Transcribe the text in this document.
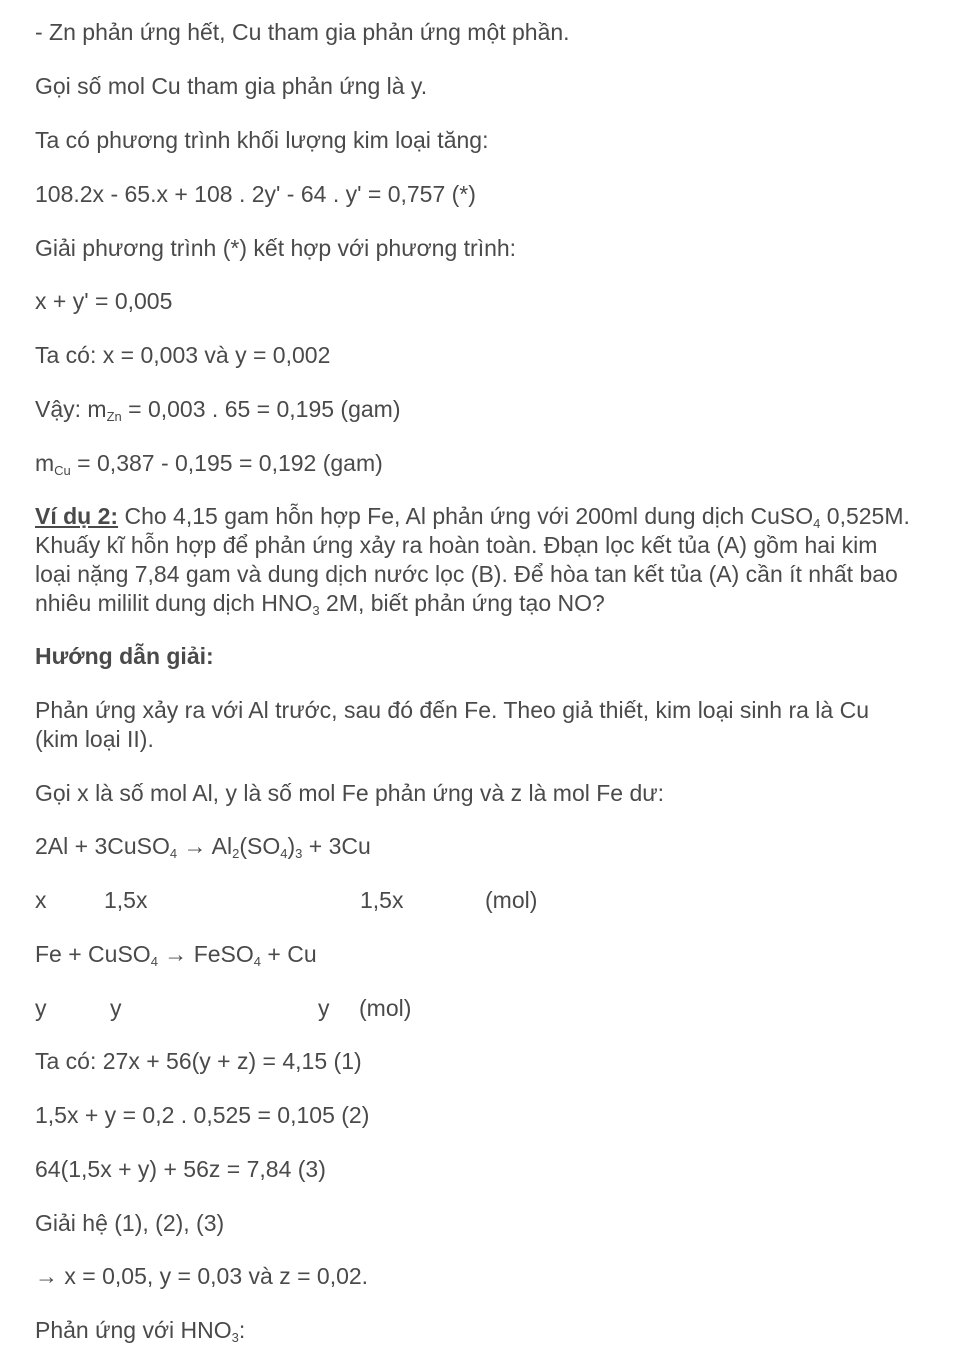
- Zn phản ứng hết, Cu tham gia phản ứng một phần.
Gọi số mol Cu tham gia phản ứng là y.
Ta có phương trình khối lượng kim loại tăng:
108.2x - 65.x + 108 . 2y' - 64 . y' = 0,757 (*)
Giải phương trình (*) kết hợp với phương trình:
x + y' = 0,005
Ta có: x = 0,003 và y = 0,002
Vậy: $m_{Zn} = 0,003$ . 65 = 0,195 (gam)
$m_{Cu} = 0,387 - 0,195 = 0,192$ (gam)
Ví dụ 2: Cho 4,15 gam hỗn hợp Fe, Al phản ứng với 200ml dung dịch CuSO$_4$ 0,525M. Khuấy kĩ hỗn hợp để phản ứng xảy ra hoàn toàn. Đbạn lọc kết tủa (A) gồm hai kim loại nặng 7,84 gam và dung dịch nước lọc (B). Để hòa tan kết tủa (A) cần ít nhất bao nhiêu mililit dung dịch $HNO_3$ 2M, biết phản ứng tạo NO?
Hướng dẫn giải:
Phản ứng xảy ra với Al trước, sau đó đến Fe. Theo giả thiết, kim loại sinh ra là Cu (kim loại II).
Gọi x là số mol Al, y là số mol Fe phản ứng và z là mol Fe dư:
2Al + 3CuSO$_4$ → $Al_2(SO_4)_3 + 3Cu$
x	1,5x	1,5x	(mol)
Fe + CuSO$_4$ → FeSO$_4$ + Cu
y	y	y (mol)
Ta có: 27x + 56(y + z) = 4,15 (1)
1,5x + y = 0,2 . 0,525 = 0,105 (2)
64(1,5x + y) + 56z = 7,84 (3)
Giải hệ (1), (2), (3)
→ x = 0,05, y = 0,03 và z = 0,02.
Phản ứng với $HNO_3$:
